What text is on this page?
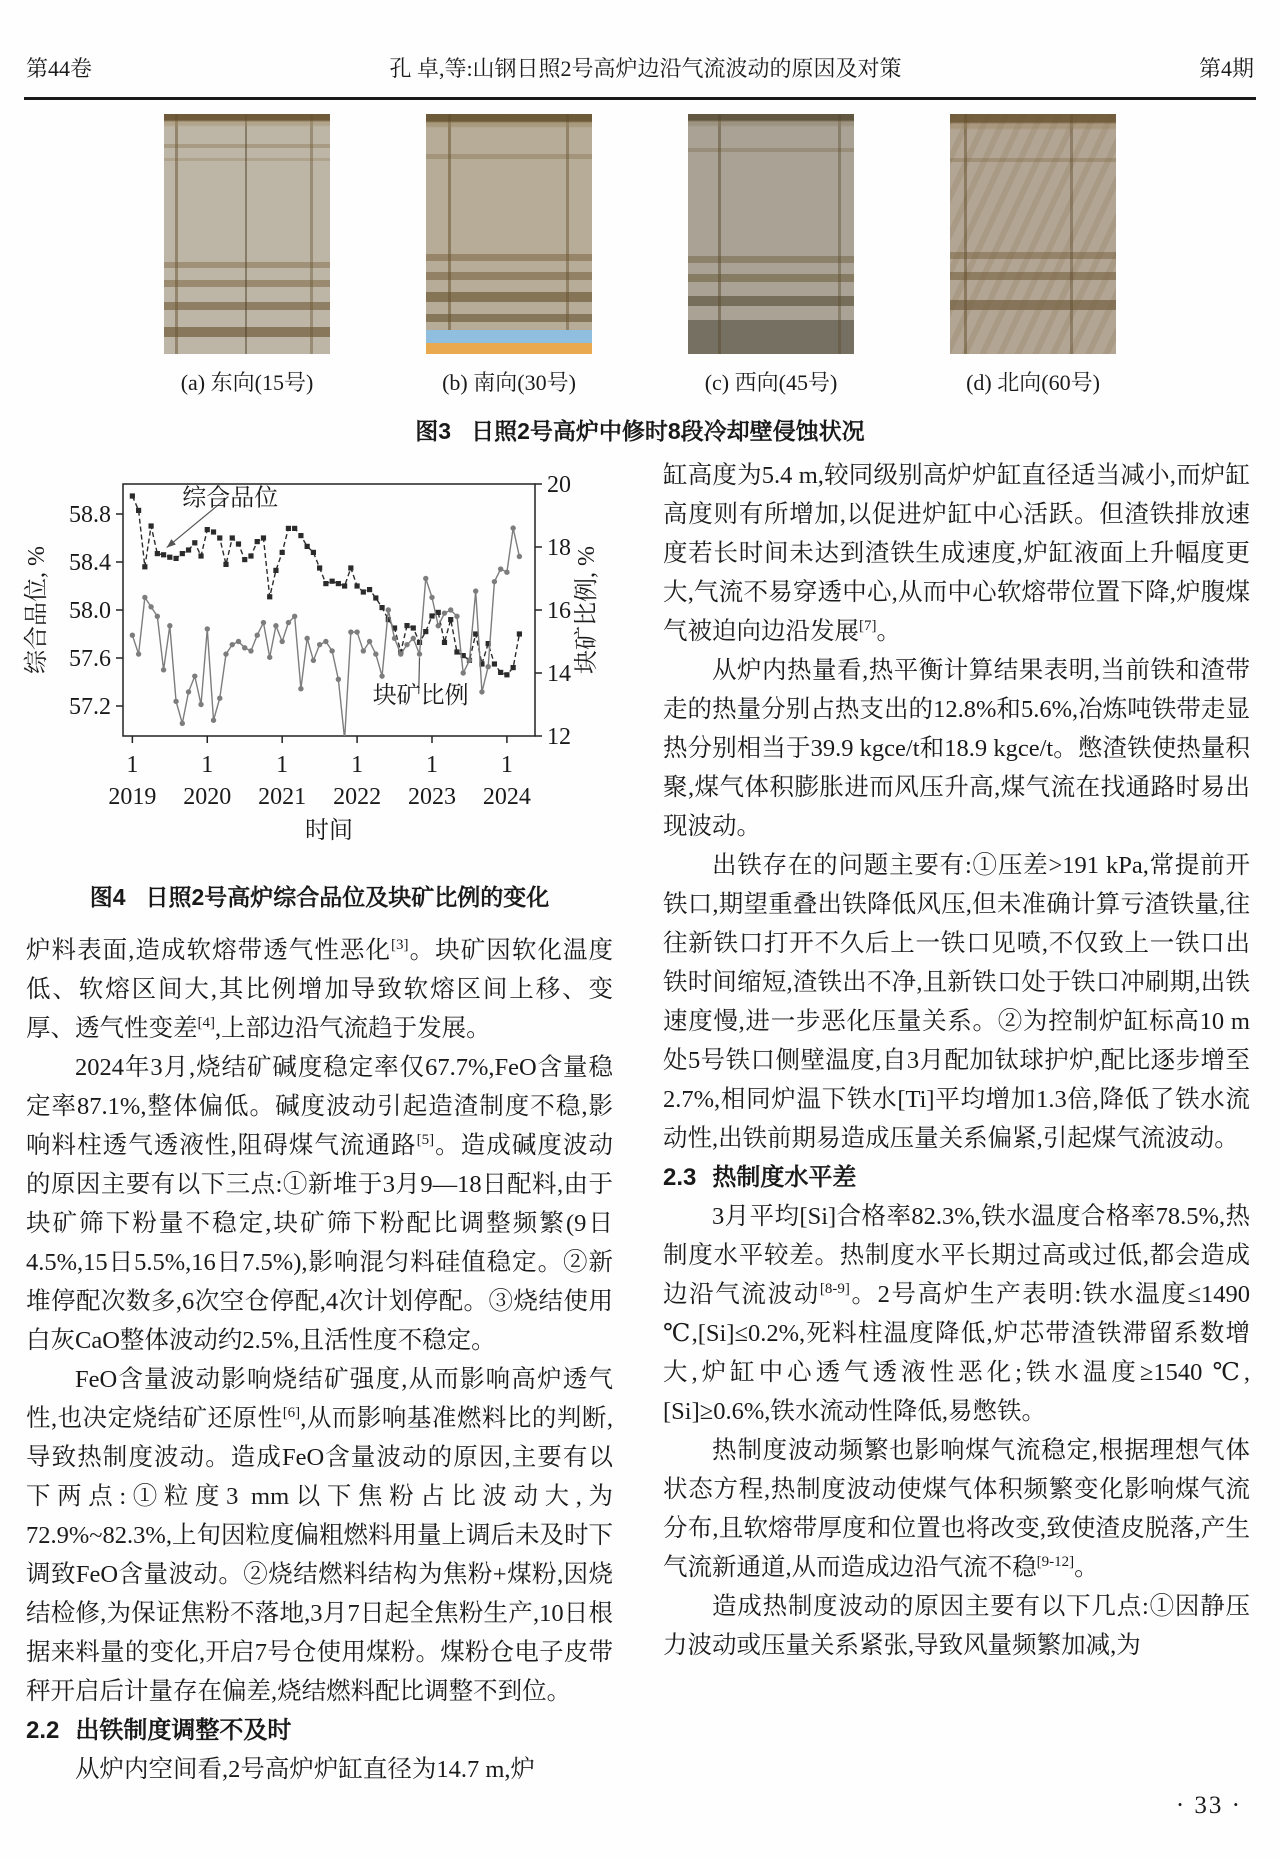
第44卷	孔 卓,等:山钢日照2号高炉边沿气流波动的原因及对策	第4期
(a) 东向(15号)	(b) 南向(30号)	(c) 西向(45号)	(d) 北向(60号)
图3 日照2号高炉中修时8段冷却壁侵蚀状况
57.2
57.6
58.0
58.4
58.8
12
14
16
18
20
1
2019
1
2020
1
2021
1
2022
1
2023
1
2024
时间
综合品位, %	块矿比例, %
综合品位
块矿比例
图4 日照2号高炉综合品位及块矿比例的变化

炉料表面,造成软熔带透气性恶化[3]。块矿因软化温度低、软熔区间大,其比例增加导致软熔区间上移、变厚、透气性变差[4],上部边沿气流趋于发展。

2024年3月,烧结矿碱度稳定率仅67.7%,FeO含量稳定率87.1%,整体偏低。碱度波动引起造渣制度不稳,影响料柱透气透液性,阻碍煤气流通路[5]。造成碱度波动的原因主要有以下三点:①新堆于3月9—18日配料,由于块矿筛下粉量不稳定,块矿筛下粉配比调整频繁(9日4.5%,15日5.5%,16日7.5%),影响混匀料硅值稳定。②新堆停配次数多,6次空仓停配,4次计划停配。③烧结使用白灰CaO整体波动约2.5%,且活性度不稳定。

FeO含量波动影响烧结矿强度,从而影响高炉透气性,也决定烧结矿还原性[6],从而影响基准燃料比的判断,导致热制度波动。造成FeO含量波动的原因,主要有以下两点:①粒度3 mm以下焦粉占比波动大,为72.9%~82.3%,上旬因粒度偏粗燃料用量上调后未及时下调致FeO含量波动。②烧结燃料结构为焦粉+煤粉,因烧结检修,为保证焦粉不落地,3月7日起全焦粉生产,10日根据来料量的变化,开启7号仓使用煤粉。煤粉仓电子皮带秤开启后计量存在偏差,烧结燃料配比调整不到位。

2.2 出铁制度调整不及时

从炉内空间看,2号高炉炉缸直径为14.7 m,炉

缸高度为5.4 m,较同级别高炉炉缸直径适当减小,而炉缸高度则有所增加,以促进炉缸中心活跃。但渣铁排放速度若长时间未达到渣铁生成速度,炉缸液面上升幅度更大,气流不易穿透中心,从而中心软熔带位置下降,炉腹煤气被迫向边沿发展[7]。

从炉内热量看,热平衡计算结果表明,当前铁和渣带走的热量分别占热支出的12.8%和5.6%,冶炼吨铁带走显热分别相当于39.9 kgce/t和18.9 kgce/t。憋渣铁使热量积聚,煤气体积膨胀进而风压升高,煤气流在找通路时易出现波动。

出铁存在的问题主要有:①压差>191 kPa,常提前开铁口,期望重叠出铁降低风压,但未准确计算亏渣铁量,往往新铁口打开不久后上一铁口见喷,不仅致上一铁口出铁时间缩短,渣铁出不净,且新铁口处于铁口冲刷期,出铁速度慢,进一步恶化压量关系。②为控制炉缸标高10 m处5号铁口侧壁温度,自3月配加钛球护炉,配比逐步增至2.7%,相同炉温下铁水[Ti]平均增加1.3倍,降低了铁水流动性,出铁前期易造成压量关系偏紧,引起煤气流波动。

2.3 热制度水平差

3月平均[Si]合格率82.3%,铁水温度合格率78.5%,热制度水平较差。热制度水平长期过高或过低,都会造成边沿气流波动[8-9]。2号高炉生产表明:铁水温度≤1490 ℃,[Si]≤0.2%,死料柱温度降低,炉芯带渣铁滞留系数增大,炉缸中心透气透液性恶化;铁水温度≥1540 ℃,[Si]≥0.6%,铁水流动性降低,易憋铁。

热制度波动频繁也影响煤气流稳定,根据理想气体状态方程,热制度波动使煤气体积频繁变化影响煤气流分布,且软熔带厚度和位置也将改变,致使渣皮脱落,产生气流新通道,从而造成边沿气流不稳[9-12]。

造成热制度波动的原因主要有以下几点:①因静压力波动或压量关系紧张,导致风量频繁加减,为

· 33 ·
